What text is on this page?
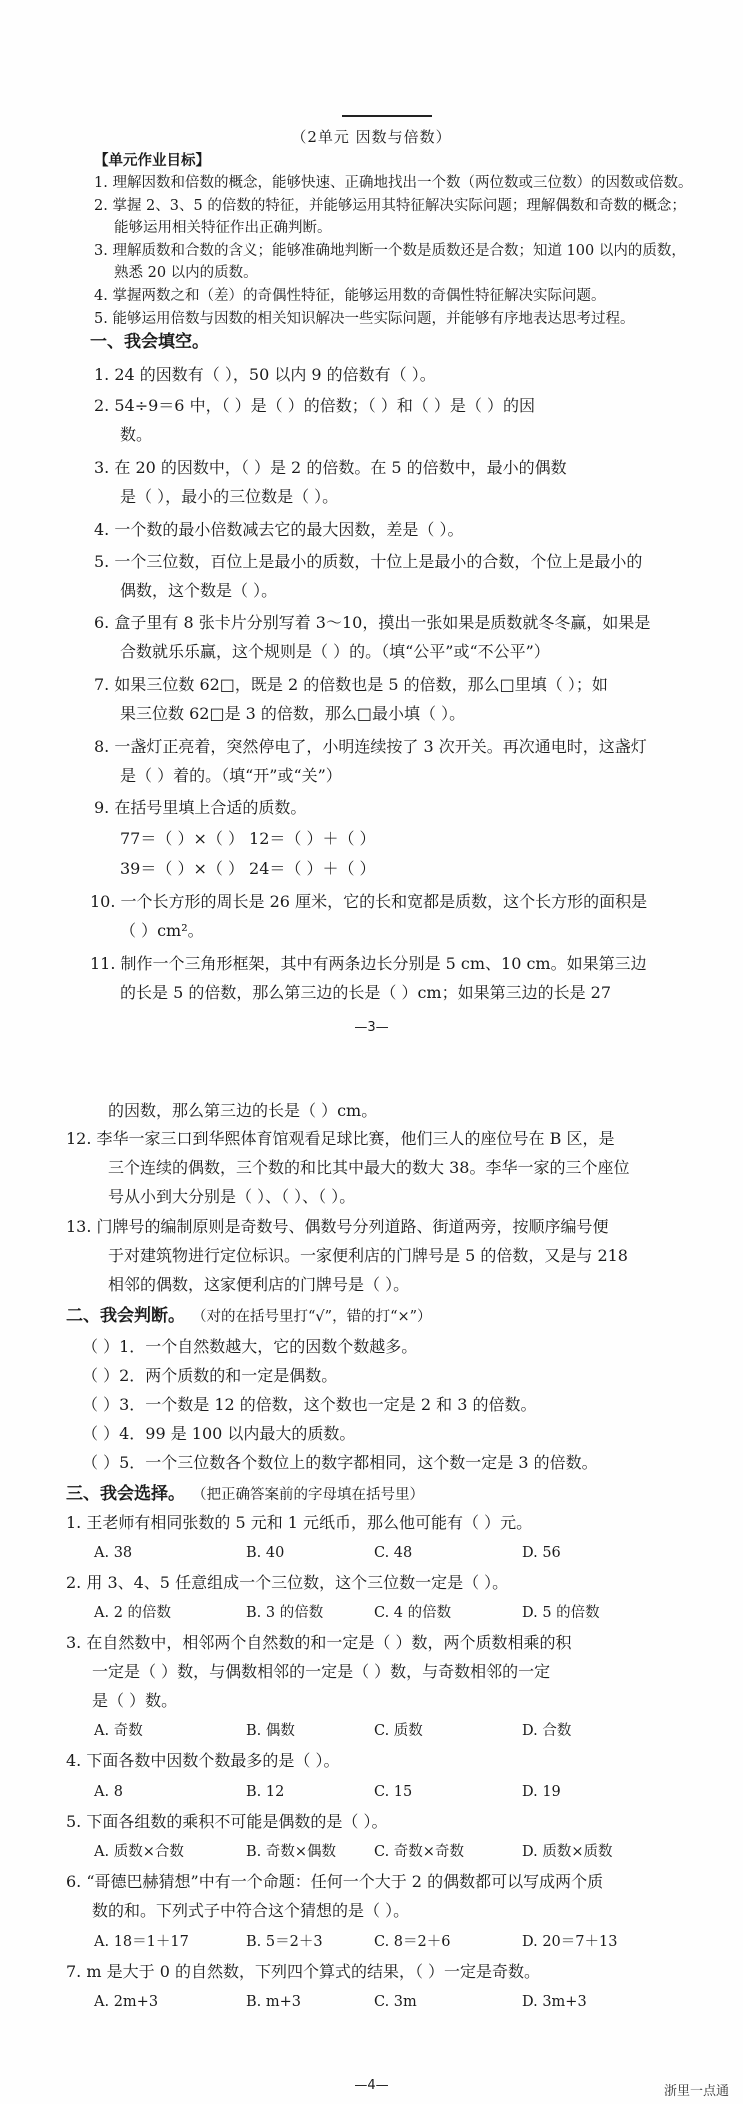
（2单元 因数与倍数）
【单元作业目标】
1. 理解因数和倍数的概念，能够快速、正确地找出一个数（两位数或三位数）的因数或倍数。
2. 掌握 2、3、5 的倍数的特征，并能够运用其特征解决实际问题；理解偶数和奇数的概念；
能够运用相关特征作出正确判断。
3. 理解质数和合数的含义；能够准确地判断一个数是质数还是合数；知道 100 以内的质数，
熟悉 20 以内的质数。
4. 掌握两数之和（差）的奇偶性特征，能够运用数的奇偶性特征解决实际问题。
5. 能够运用倍数与因数的相关知识解决一些实际问题，并能够有序地表达思考过程。
一、我会填空。
1. 24 的因数有（ ），50 以内 9 的倍数有（ ）。
2. 54÷9＝6 中，（ ）是（ ）的倍数；（ ）和（ ）是（ ）的因
数。
3. 在 20 的因数中，（ ）是 2 的倍数。在 5 的倍数中，最小的偶数
是（ ），最小的三位数是（ ）。
4. 一个数的最小倍数减去它的最大因数，差是（ ）。
5. 一个三位数，百位上是最小的质数，十位上是最小的合数，个位上是最小的
偶数，这个数是（ ）。
6. 盒子里有 8 张卡片分别写着 3～10，摸出一张如果是质数就冬冬赢，如果是
合数就乐乐赢，这个规则是（ ）的。（填“公平”或“不公平”）
7. 如果三位数 62□，既是 2 的倍数也是 5 的倍数，那么□里填（ ）；如
果三位数 62□是 3 的倍数，那么□最小填（ ）。
8. 一盏灯正亮着，突然停电了，小明连续按了 3 次开关。再次通电时，这盏灯
是（ ）着的。（填“开”或“关”）
9. 在括号里填上合适的质数。
77＝（ ）×（ ） 12＝（ ）＋（ ）
39＝（ ）×（ ） 24＝（ ）＋（ ）
10. 一个长方形的周长是 26 厘米，它的长和宽都是质数，这个长方形的面积是
（ ）cm²。
11. 制作一个三角形框架，其中有两条边长分别是 5 cm、10 cm。如果第三边
的长是 5 的倍数，那么第三边的长是（ ）cm；如果第三边的长是 27
—3—
的因数，那么第三边的长是（ ）cm。
12. 李华一家三口到华熙体育馆观看足球比赛，他们三人的座位号在 B 区，是
三个连续的偶数，三个数的和比其中最大的数大 38。李华一家的三个座位
号从小到大分别是（ ）、（ ）、（ ）。
13. 门牌号的编制原则是奇数号、偶数号分列道路、街道两旁，按顺序编号便
于对建筑物进行定位标识。一家便利店的门牌号是 5 的倍数，又是与 218
相邻的偶数，这家便利店的门牌号是（ ）。
二、我会判断。 （对的在括号里打“√”，错的打“×”）
（ ）1．一个自然数越大，它的因数个数越多。
（ ）2．两个质数的和一定是偶数。
（ ）3．一个数是 12 的倍数，这个数也一定是 2 和 3 的倍数。
（ ）4．99 是 100 以内最大的质数。
（ ）5．一个三位数各个数位上的数字都相同，这个数一定是 3 的倍数。
三、我会选择。 （把正确答案前的字母填在括号里）
1. 王老师有相同张数的 5 元和 1 元纸币，那么他可能有（ ）元。
A. 38	B. 40	C. 48	D. 56
2. 用 3、4、5 任意组成一个三位数，这个三位数一定是（ ）。
A. 2 的倍数	B. 3 的倍数	C. 4 的倍数	D. 5 的倍数
3. 在自然数中，相邻两个自然数的和一定是（ ）数，两个质数相乘的积
一定是（ ）数，与偶数相邻的一定是（ ）数，与奇数相邻的一定
是（ ）数。
A. 奇数	B. 偶数	C. 质数	D. 合数
4. 下面各数中因数个数最多的是（ ）。
A. 8	B. 12	C. 15	D. 19
5. 下面各组数的乘积不可能是偶数的是（ ）。
A. 质数×合数	B. 奇数×偶数	C. 奇数×奇数	D. 质数×质数
6. “哥德巴赫猜想”中有一个命题：任何一个大于 2 的偶数都可以写成两个质
数的和。下列式子中符合这个猜想的是（ ）。
A. 18＝1＋17	B. 5＝2＋3	C. 8＝2＋6	D. 20＝7＋13
7. m 是大于 0 的自然数，下列四个算式的结果，（ ）一定是奇数。
A. 2m+3	B. m+3	C. 3m	D. 3m+3
—4—	浙里一点通
